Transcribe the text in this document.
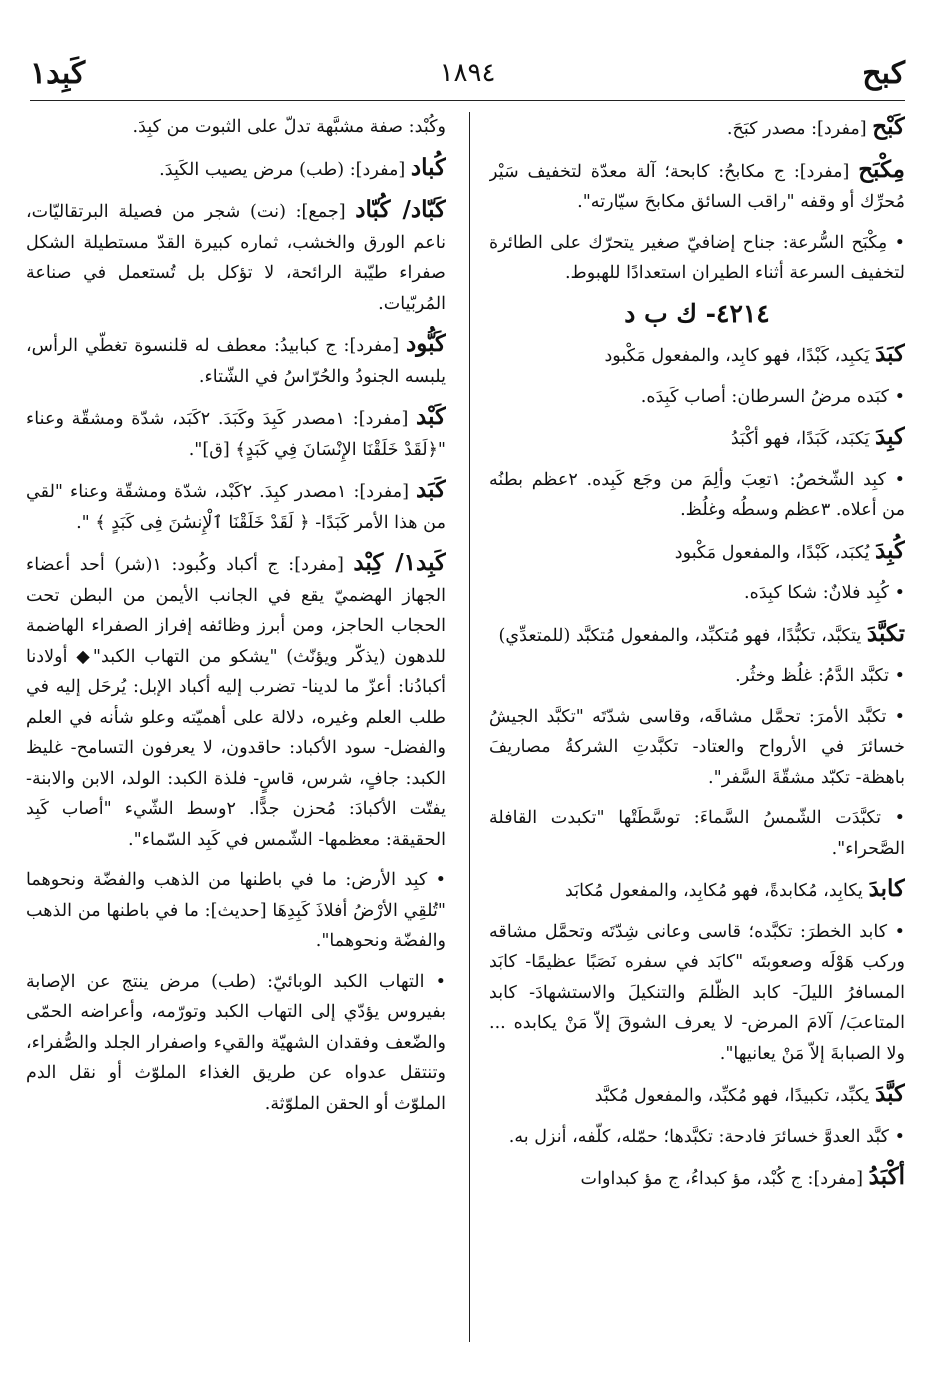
كبح
١٨٩٤
كَبِد١

كَبْح [مفرد]: مصدر كبَحَ.

مِكْبَح [مفرد]: ج مكابحُ: كابحة؛ آلة معدّة لتخفيف سَيْر مُحرِّك أو وقفه "راقب السائق مكابحَ سيّارته".

• مِكْبَح السُّرعة: جناح إضافيّ صغير يتحرّك على الطائرة لتخفيف السرعة أثناء الطيران استعدادًا للهبوط.

٤٢١٤- ك ب د

كبَدَ يَكبِد، كَبْدًا، فهو كابِد، والمفعول مَكْبود

• كبَده مرضُ السرطان: أصاب كَبِدَه.

كبِدَ يَكبَد، كَبَدًا، فهو أكْبَدُ

• كبِد الشّخصُ: ١تعِبَ وألِمَ من وجَع كَبِده. ٢عظم بطنُه من أعلاه. ٣عظم وسطُه وغلُظ.

كُبِدَ يُكبَد، كَبْدًا، والمفعول مَكْبود

• كُبِد فلانٌ: شكا كبِدَه.

تكبَّدَ يتكبَّد، تكبُّدًا، فهو مُتكبِّد، والمفعول مُتكبَّد (للمتعدِّي)

• تكبَّد الدَّمُ: غلُظ وخثُر.

• تكبَّد الأمرَ: تحمَّل مشاقَه، وقاسى شدّتَه "تكبَّد الجيشُ خسائرَ في الأرواح والعتاد- تكبَّدتِ الشركةُ مصاريفَ باهظة- تكبّد مشقّةَ السَّفر".

• تكبَّدَت الشّمسُ السَّماءَ: توسَّطَتْها "تكبدت القافلة الصَّحراء".

كابدَ يكابِد، مُكابدةً، فهو مُكابِد، والمفعول مُكابَد

• كابد الخطرَ: تكبَّده؛ قاسى وعانى شِدّتَه وتحمَّل مشاقه وركب هَوْلَه وصعوبتَه "كابَد في سفره نَصَبًا عظيمًا- كابَد المسافرُ الليلَ- كابد الظّلمَ والتنكيلَ والاستشهادَ- كابد المتاعبَ/ آلامَ المرض- لا يعرف الشوقَ إلاّ مَنْ يكابده ... ولا الصبابةَ إلاّ مَنْ يعانيها".

كبَّدَ يكبِّد، تكبيدًا، فهو مُكبِّد، والمفعول مُكبَّد

• كبَّد العدوَّ خسائرَ فادحة: تكبَّدها؛ حمّله، كلّفه، أنزل به.

أكْبَدُ [مفرد]: ج كُبْد، مؤ كبداءُ، ج مؤ كبداوات

وكُبْد: صفة مشبَّهة تدلّ على الثبوت من كبِدَ.

كُباد [مفرد]: (طب) مرض يصيب الكَبِدَ.

كَبّاد/ كُبّاد [جمع]: (نت) شجر من فصيلة البرتقاليّات، ناعم الورق والخشب، ثماره كبيرة القدّ مستطيلة الشكل صفراء طيّبة الرائحة، لا تؤكل بل تُستعمل في صناعة المُربّيات.

كَبُّود [مفرد]: ج كبابيدُ: معطف له قلنسوة تغطّي الرأس، يلبسه الجنودُ والحُرّاسُ في الشّتاء.

كَبْد [مفرد]: ١مصدر كَبِدَ وكَبَدَ. ٢كَبَد، شدّة ومشقّة وعناء "﴿لَقَدْ خَلَقْنَا الإِنْسَانَ فِي كَبَدٍ﴾ [ق]".

كَبَد [مفرد]: ١مصدر كبِدَ. ٢كَبْد، شدّة ومشقّة وعناء "لقي من هذا الأمر كَبَدًا- ﴿ لَقَدْ خَلَقْنَا ٱلْإِنسَٰنَ فِى كَبَدٍ ﴾ ".

كَبِد١/ كِبْد [مفرد]: ج أكباد وكُبود: ١(شر) أحد أعضاء الجهاز الهضميّ يقع في الجانب الأيمن من البطن تحت الحجاب الحاجز، ومن أبرز وظائفه إفراز الصفراء الهاضمة للدهون (يذكّر ويؤنّث) "يشكو من التهاب الكبد"◆ أولادنا أكبادُنا: أعزّ ما لدينا- تضرب إليه أكباد الإبل: يُرحَل إليه في طلب العلم وغيره، دلالة على أهميّته وعلو شأنه في العلم والفضل- سود الأكباد: حاقدون، لا يعرفون التسامح- غليظ الكبد: جافٍ، شرس، قاسٍ- فلذة الكبد: الولد، الابن والابنة- يفتّت الأكبادَ: مُحزن جدًّا. ٢وسط الشّيء "أصاب كَبِد الحقيقة: معظمها- الشّمس في كَبِد السّماء".

• كبِد الأرض: ما في باطنها من الذهب والفضّة ونحوهما "تُلقِي الأرْضُ أفلاذَ كَبِدِهَا [حديث]: ما في باطنها من الذهب والفضّة ونحوهما".

• التهاب الكبد الوبائيّ: (طب) مرض ينتج عن الإصابة بفيروس يؤدّي إلى التهاب الكبد وتورّمه، وأعراضه الحمّى والضّعف وفقدان الشهيّة والقيء واصفرار الجلد والصُّفراء، وتنتقل عدواه عن طريق الغذاء الملوّث أو نقل الدم الملوّث أو الحقن الملوّثة.
